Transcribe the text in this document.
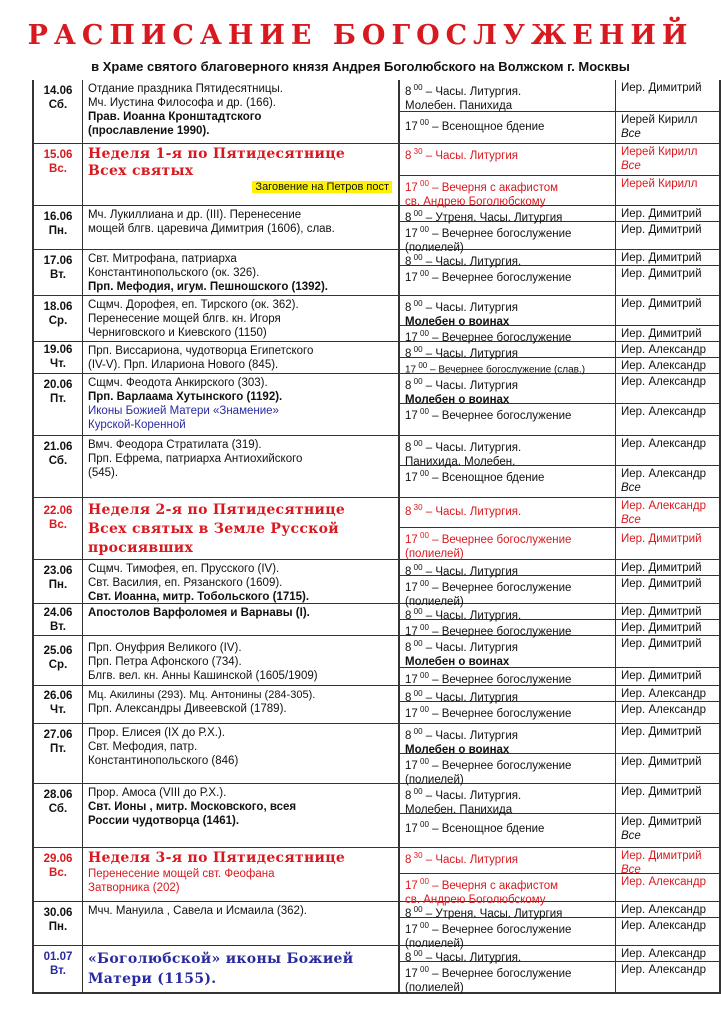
РАСПИСАНИЕ БОГОСЛУЖЕНИЙ
в Храме святого благоверного князя Андрея Боголюбского на Волжском г. Москвы
14.06
Сб.
Отдание праздника Пятидесятницы.
Мч. Иустина Философа и др. (166).
Прав. Иоанна Кронштадтского
(прославление 1990).
8 $^{00}$ – Часы. Литургия.
Молебен. Панихида
17 $^{00}$ – Всенощное бдение
Иер. Димитрий
Иерей Кирилл
Все
15.06
Вс.
Неделя 1-я по Пятидесятнице
Всех святых
Заговение на Петров пост
8 $^{30}$ – Часы. Литургия
17 $^{00}$ – Вечерня с акафистом
св. Андрею Боголюбскому
Иерей Кирилл
Все
Иерей Кирилл
16.06
Пн.
Мч. Лукиллиана и др. (III). Перенесение
мощей блгв. царевича Димитрия (1606), слав.
8 $^{00}$ – Утреня. Часы. Литургия
17 $^{00}$ – Вечернее богослужение
(полиелей)
Иер. Димитрий
Иер. Димитрий
17.06
Вт.
Свт. Митрофана, патриарха
Константинопольского (ок. 326).
Прп. Мефодия, игум. Пешношского (1392).
8 $^{00}$ – Часы. Литургия.
17 $^{00}$ – Вечернее богослужение
Иер. Димитрий
Иер. Димитрий
18.06
Ср.
Сщмч. Дорофея, еп. Тирского (ок. 362).
Перенесение мощей блгв. кн. Игоря
Черниговского и Киевского (1150)
8 $^{00}$ – Часы. Литургия
Молебен о воинах
17 $^{00}$ – Вечернее богослужение
Иер. Димитрий
Иер. Димитрий
19.06
Чт.
Прп. Виссариона, чудотворца Египетского
(IV-V). Прп. Илариона Нового (845).
8 $^{00}$ – Часы. Литургия
17 $^{00}$ – Вечернее богослужение (слав.)
Иер. Александр
Иер. Александр
20.06
Пт.
Сщмч. Феодота Анкирского (303).
Прп. Варлаама Хутынского (1192).
Иконы Божией Матери «Знамение»
Курской-Коренной
8 $^{00}$ – Часы. Литургия
Молебен о воинах
17 $^{00}$ – Вечернее богослужение
Иер. Александр
Иер. Александр
21.06
Сб.
Вмч. Феодора Стратилата (319).
Прп. Ефрема, патриарха Антиохийского
(545).
8 $^{00}$ – Часы. Литургия.
Панихида. Молебен.
17 $^{00}$ – Всенощное бдение
Иер. Александр
Иер. Александр
Все
22.06
Вс.
Неделя 2-я по Пятидесятнице
Всех святых в Земле Русской
просиявших
8 $^{30}$ – Часы. Литургия.
17 $^{00}$ – Вечернее богослужение
(полиелей)
Иер. Александр
Все
Иер. Димитрий
23.06
Пн.
Сщмч. Тимофея, еп. Прусского (IV).
Свт. Василия, еп. Рязанского (1609).
Свт. Иоанна, митр. Тобольского (1715).
8 $^{00}$ – Часы. Литургия
17 $^{00}$ – Вечернее богослужение
(полиелей)
Иер. Димитрий
Иер. Димитрий
24.06
Вт.
Апостолов Варфоломея и Варнавы (I).	8 $^{00}$ – Часы. Литургия.
17 $^{00}$ – Вечернее богослужение
Иер. Димитрий
Иер. Димитрий
25.06
Ср.
Прп. Онуфрия Великого (IV).
Прп. Петра Афонского (734).
Блгв. вел. кн. Анны Кашинской (1605/1909)
8 $^{00}$ – Часы. Литургия
Молебен о воинах
17 $^{00}$ – Вечернее богослужение
Иер. Димитрий
Иер. Димитрий
26.06
Чт.
Мц. Акилины (293). Мц. Антонины (284-305).
Прп. Александры Дивеевской (1789).
8 $^{00}$ – Часы. Литургия
17 $^{00}$ – Вечернее богослужение
Иер. Александр
Иер. Александр
27.06
Пт.
Прор. Елисея (IX до Р.Х.).
Свт. Мефодия, патр.
Константинопольского (846)
8 $^{00}$ – Часы. Литургия
Молебен о воинах
17 $^{00}$ – Вечернее богослужение
(полиелей)
Иер. Димитрий
Иер. Димитрий
28.06
Сб.
Прор. Амоса (VIII до Р.Х.).
Свт. Ионы , митр. Московского, всея
России чудотворца (1461).
8 $^{00}$ – Часы. Литургия.
Молебен. Панихида
17 $^{00}$ – Всенощное бдение
Иер. Димитрий
Иер. Димитрий
Все
29.06
Вс.
Неделя 3-я по Пятидесятнице
Перенесение мощей свт. Феофана
Затворника (202)
8 $^{30}$ – Часы. Литургия
17 $^{00}$ – Вечерня с акафистом
св. Андрею Боголюбскому
Иер. Димитрий
Все
Иер. Александр
30.06
Пн.
Мчч. Мануила , Савела и Исмаила (362).	8 $^{00}$ – Утреня. Часы. Литургия
17 $^{00}$ – Вечернее богослужение
(полиелей)
Иер. Александр
Иер. Александр
01.07
Вт.
«Боголюбской» иконы Божией
Матери (1155).
8 $^{00}$ – Часы. Литургия.
17 $^{00}$ – Вечернее богослужение
(полиелей)
Иер. Александр
Иер. Александр
